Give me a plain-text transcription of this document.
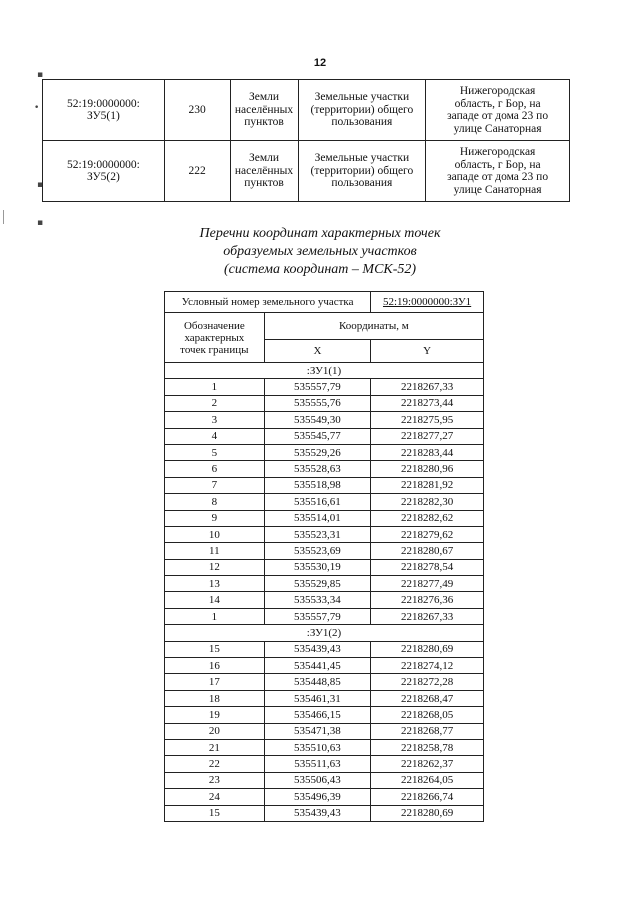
12
▪
•
▪
▪
52:19:0000000:
ЗУ5(1)	230	Земли
населённых
пунктов	Земельные участки
(территории) общего
пользования	Нижегородская
область, г Бор, на
западе от дома 23 по
улице Санаторная
52:19:0000000:
ЗУ5(2)	222	Земли
населённых
пунктов	Земельные участки
(территории) общего
пользования	Нижегородская
область, г Бор, на
западе от дома 23 по
улице Санаторная
Перечни координат характерных точек
образуемых земельных участков
(система координат – МСК-52)
Условный номер земельного участка		52:19:0000000:ЗУ1
Обозначение
характерных
точек границы	Координаты, м	
	X	Y
:ЗУ1(1)		
1	535557,79	2218267,33
2	535555,76	2218273,44
3	535549,30	2218275,95
4	535545,77	2218277,27
5	535529,26	2218283,44
6	535528,63	2218280,96
7	535518,98	2218281,92
8	535516,61	2218282,30
9	535514,01	2218282,62
10	535523,31	2218279,62
11	535523,69	2218280,67
12	535530,19	2218278,54
13	535529,85	2218277,49
14	535533,34	2218276,36
1	535557,79	2218267,33
:ЗУ1(2)		
15	535439,43	2218280,69
16	535441,45	2218274,12
17	535448,85	2218272,28
18	535461,31	2218268,47
19	535466,15	2218268,05
20	535471,38	2218268,77
21	535510,63	2218258,78
22	535511,63	2218262,37
23	535506,43	2218264,05
24	535496,39	2218266,74
15	535439,43	2218280,69
